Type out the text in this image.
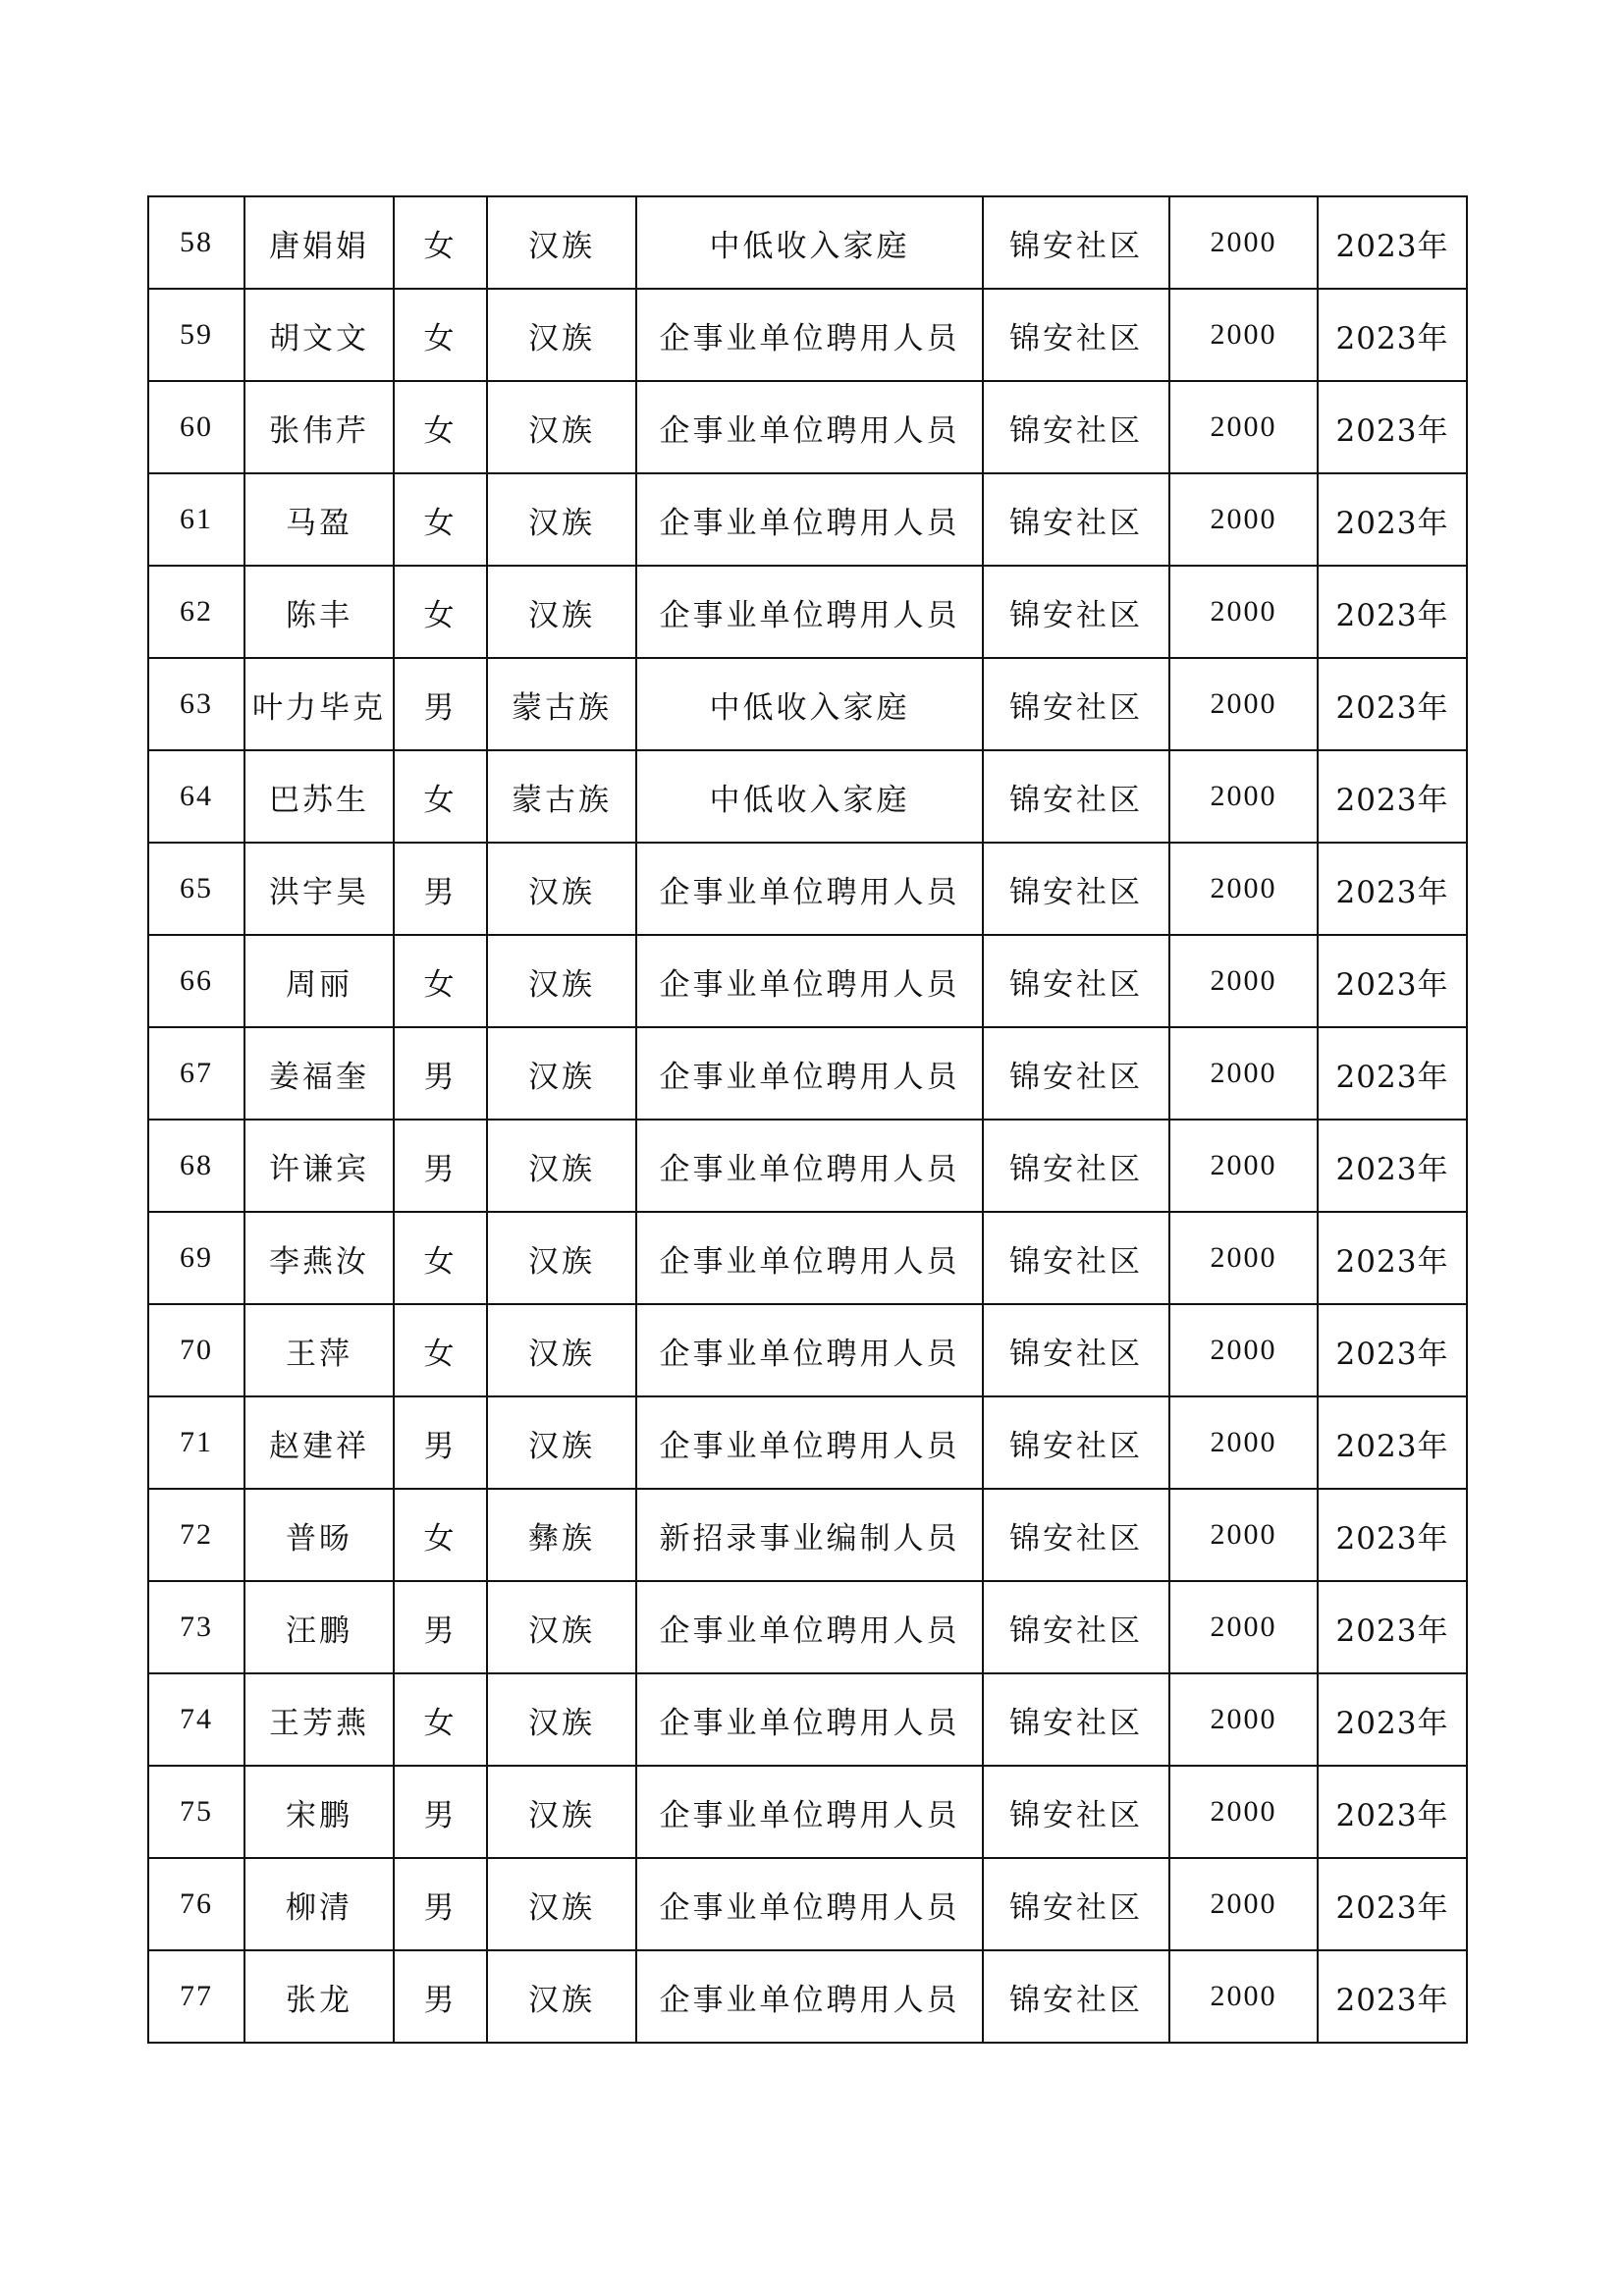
58	唐娟娟	女	汉族	中低收入家庭	锦安社区	2000	2023年
59	胡文文	女	汉族	企事业单位聘用人员	锦安社区	2000	2023年
60	张伟芹	女	汉族	企事业单位聘用人员	锦安社区	2000	2023年
61	马盈	女	汉族	企事业单位聘用人员	锦安社区	2000	2023年
62	陈丰	女	汉族	企事业单位聘用人员	锦安社区	2000	2023年
63	叶力毕克	男	蒙古族	中低收入家庭	锦安社区	2000	2023年
64	巴苏生	女	蒙古族	中低收入家庭	锦安社区	2000	2023年
65	洪宇昊	男	汉族	企事业单位聘用人员	锦安社区	2000	2023年
66	周丽	女	汉族	企事业单位聘用人员	锦安社区	2000	2023年
67	姜福奎	男	汉族	企事业单位聘用人员	锦安社区	2000	2023年
68	许谦宾	男	汉族	企事业单位聘用人员	锦安社区	2000	2023年
69	李燕汝	女	汉族	企事业单位聘用人员	锦安社区	2000	2023年
70	王萍	女	汉族	企事业单位聘用人员	锦安社区	2000	2023年
71	赵建祥	男	汉族	企事业单位聘用人员	锦安社区	2000	2023年
72	普旸	女	彝族	新招录事业编制人员	锦安社区	2000	2023年
73	汪鹏	男	汉族	企事业单位聘用人员	锦安社区	2000	2023年
74	王芳燕	女	汉族	企事业单位聘用人员	锦安社区	2000	2023年
75	宋鹏	男	汉族	企事业单位聘用人员	锦安社区	2000	2023年
76	柳清	男	汉族	企事业单位聘用人员	锦安社区	2000	2023年
77	张龙	男	汉族	企事业单位聘用人员	锦安社区	2000	2023年
